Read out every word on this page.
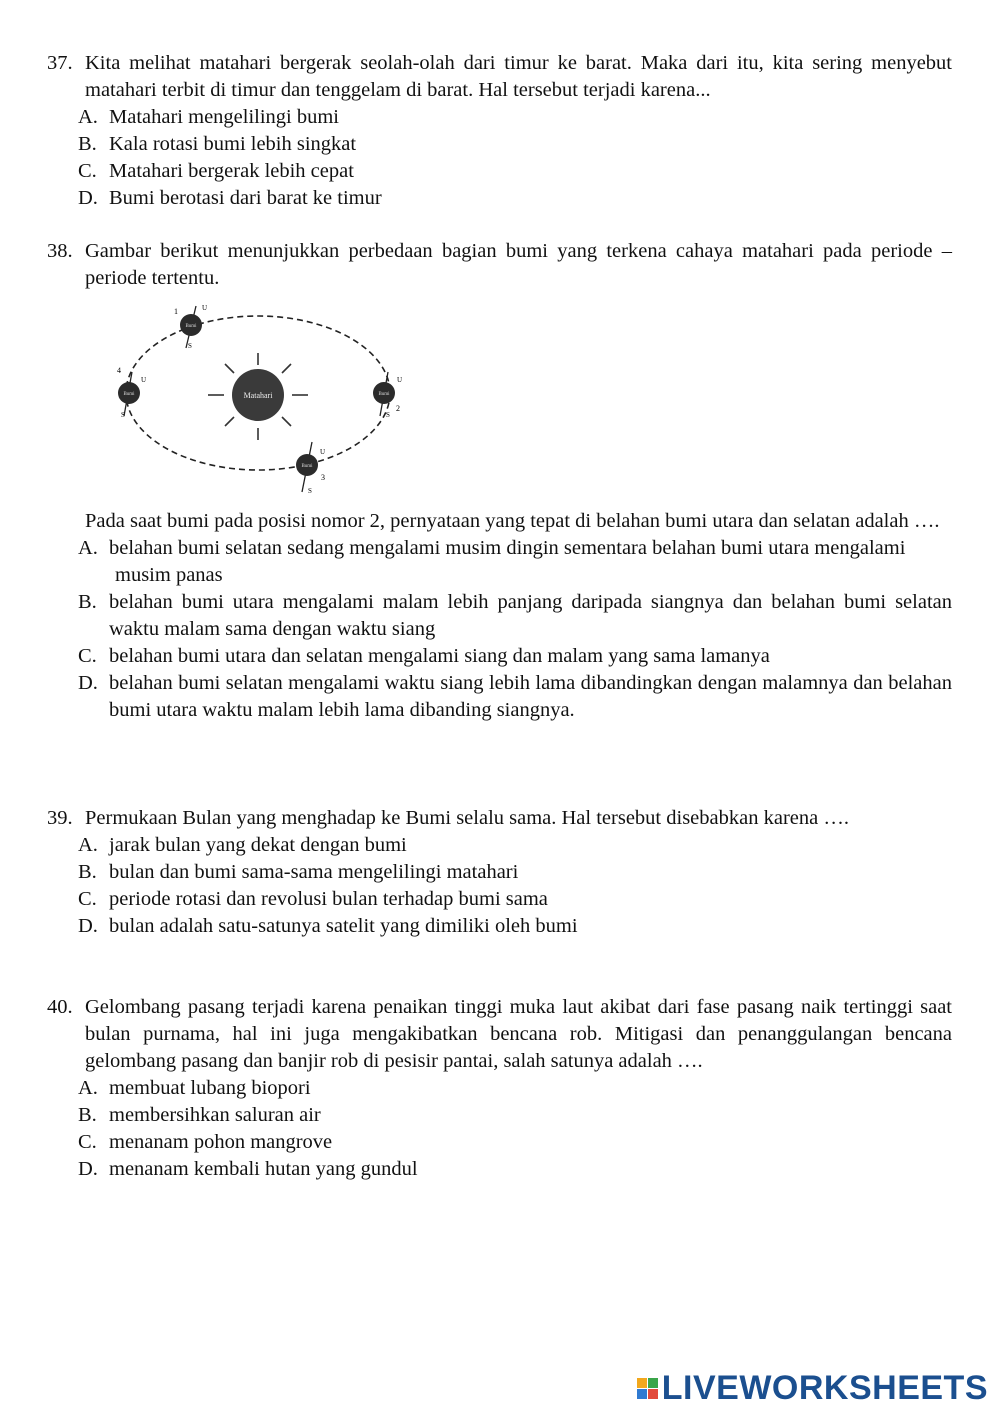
37. Kita melihat matahari bergerak seolah-olah dari timur ke barat. Maka dari itu, kita sering menyebut matahari terbit di timur dan tenggelam di barat. Hal tersebut terjadi karena...
A. Matahari mengelilingi bumi
B. Kala rotasi bumi lebih singkat
C. Matahari bergerak lebih cepat
D. Bumi berotasi dari barat ke timur
38. Gambar berikut menunjukkan perbedaan bagian bumi yang terkena cahaya matahari pada periode – periode tertentu.
Matahari
Bumi
1	U
S
Bumi
4
U
S
Bumi
U
S
2
Bumi
U
3
S
Pada saat bumi pada posisi nomor 2, pernyataan yang tepat di belahan bumi utara dan selatan adalah ….
A. belahan bumi selatan sedang mengalami musim dingin sementara belahan bumi utara mengalami
musim panas
B. belahan bumi utara mengalami malam lebih panjang daripada siangnya dan belahan bumi selatan waktu malam sama dengan waktu siang
C. belahan bumi utara dan selatan mengalami siang dan malam yang sama lamanya
D. belahan bumi selatan mengalami waktu siang lebih lama dibandingkan dengan malamnya dan belahan bumi utara waktu malam lebih lama dibanding siangnya.
39. Permukaan Bulan yang menghadap ke Bumi selalu sama. Hal tersebut disebabkan karena ….
A. jarak bulan yang dekat dengan bumi
B. bulan dan bumi sama-sama mengelilingi matahari
C. periode rotasi dan revolusi bulan terhadap bumi sama
D. bulan adalah satu-satunya satelit yang dimiliki oleh bumi
40. Gelombang pasang terjadi karena penaikan tinggi muka laut akibat dari fase pasang naik tertinggi saat bulan purnama, hal ini juga mengakibatkan bencana rob. Mitigasi dan penanggulangan bencana gelombang pasang dan banjir rob di pesisir pantai, salah satunya adalah ….
A. membuat lubang biopori
B. membersihkan saluran air
C. menanam pohon mangrove
D. menanam kembali hutan yang gundul
LIVEWORKSHEETS
